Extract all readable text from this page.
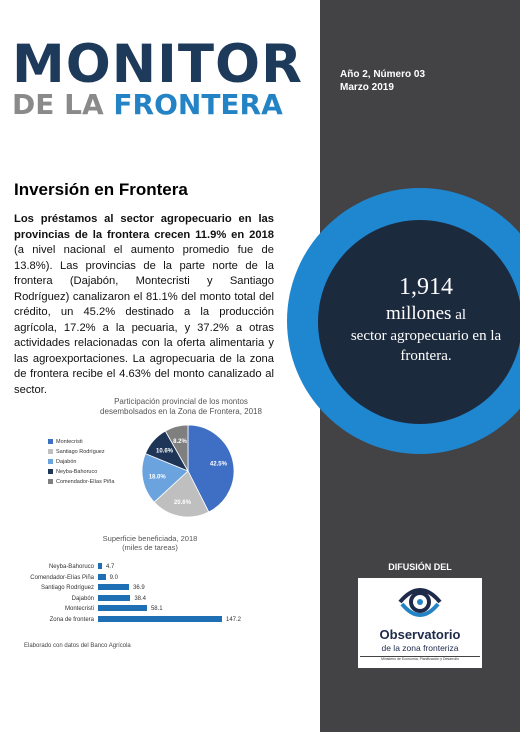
MONITOR
DE LA FRONTERA
Año 2, Número 03
Marzo 2019
1,914
millones al
sector agropecuario en la frontera.
Inversión en Frontera
Los préstamos al sector agropecuario en las provincias de la frontera crecen 11.9% en 2018 (a nivel nacional el aumento promedio fue de 13.8%). Las provincias de la parte norte de la frontera (Dajabón, Montecristi y Santiago Rodríguez) canalizaron el 81.1% del monto total del crédito, un 45.2% destinado a la producción agrícola, 17.2% a la pecuaria, y 37.2% a otras actividades relacionadas con la oferta alimentaria y las agroexportaciones. La agropecuaria de la zona de frontera recibe el 4.63% del monto canalizado al sector.
Participación provincial de los montos desembolsados en la Zona de Frontera, 2018
Montecristi
Santiago Rodríguez
Dajabón
Neyba-Bahoruco
Comendador-Elías Piña
42.5%
20.6%
18.0%
10.6%
8.2%
Superficie beneficiada, 2018
(miles de tareas)
Neyba-Bahoruco 4.7
Comendador-Elías Piña	9.0
Santiago Rodríguez	36.9
Dajabón	38.4
Montecristi	58.1
Zona de frontera	147.2
Elaborado con datos del Banco Agrícola
DIFUSIÓN DEL
Observatorio
de la zona fronteriza
Ministerio de Economía, Planificación y Desarrollo
